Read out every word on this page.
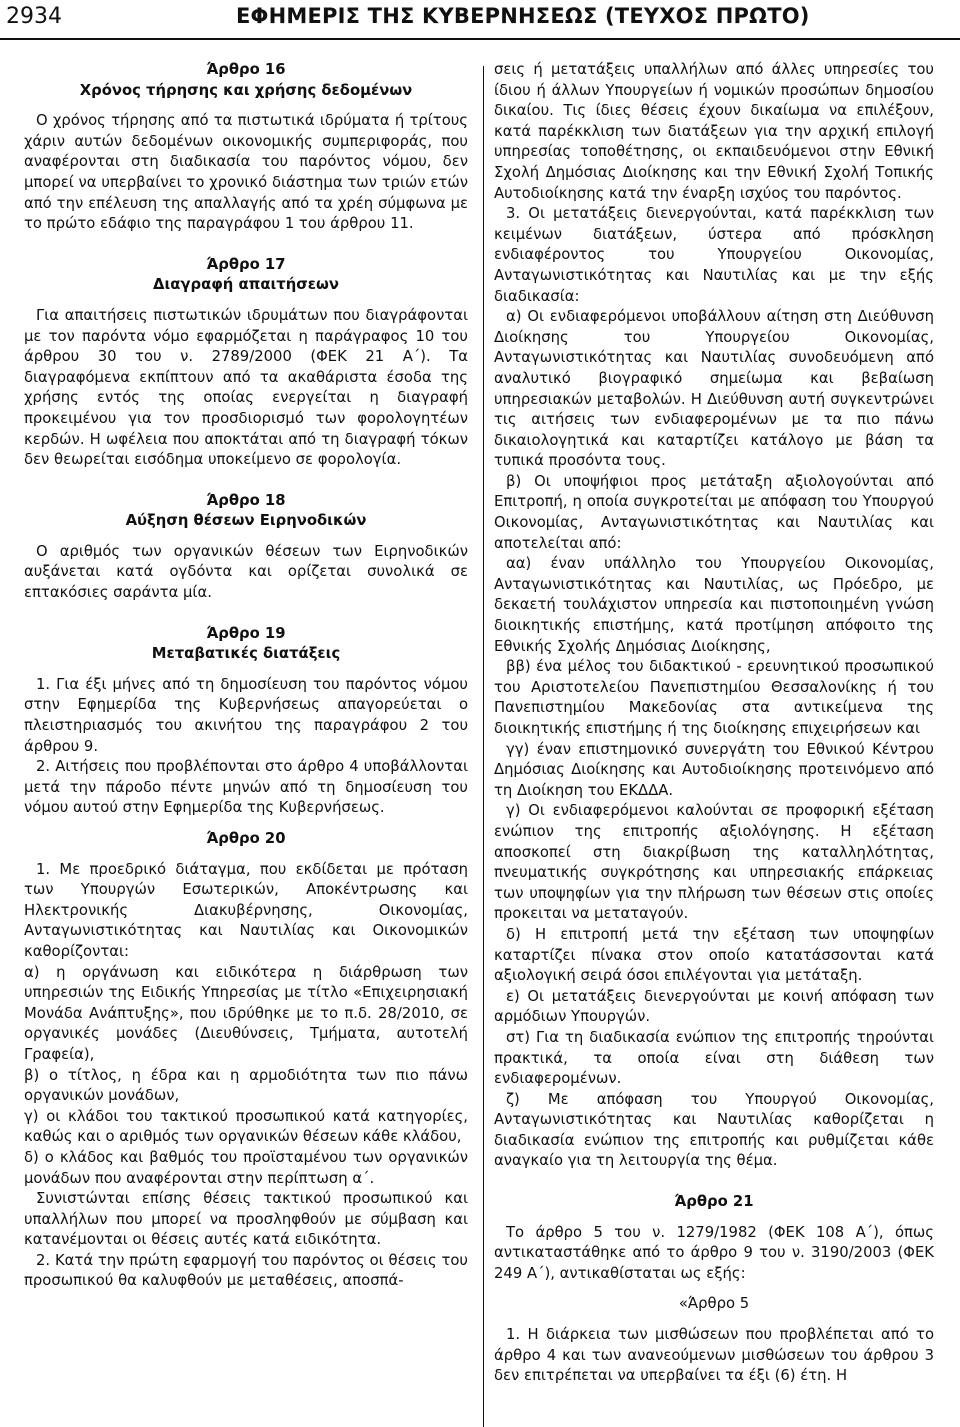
2934	ΕΦΗΜΕΡΙΣ ΤΗΣ ΚΥΒΕΡΝΗΣΕΩΣ (ΤΕΥΧΟΣ ΠΡΩΤΟ)
Άρθρο 16
Χρόνος τήρησης και χρήσης δεδομένων

Ο χρόνος τήρησης από τα πιστωτικά ιδρύματα ή τρίτους χάριν αυτών δεδομένων οικονομικής συμπεριφοράς, που αναφέρονται στη διαδικασία του παρόντος νόμου, δεν μπορεί να υπερβαίνει το χρονικό διάστημα των τριών ετών από την επέλευση της απαλλαγής από τα χρέη σύμφωνα με το πρώτο εδάφιο της παραγράφου 1 του άρθρου 11.

Άρθρο 17
Διαγραφή απαιτήσεων

Για απαιτήσεις πιστωτικών ιδρυμάτων που διαγράφονται με τον παρόντα νόμο εφαρμόζεται η παράγραφος 10 του άρθρου 30 του ν. 2789/2000 (ΦΕΚ 21 Α΄). Τα διαγραφόμενα εκπίπτουν από τα ακαθάριστα έσοδα της χρήσης εντός της οποίας ενεργείται η διαγραφή προκειμένου για τον προσδιορισμό των φορολογητέων κερδών. Η ωφέλεια που αποκτάται από τη διαγραφή τόκων δεν θεωρείται εισόδημα υποκείμενο σε φορολογία.

Άρθρο 18
Αύξηση θέσεων Ειρηνοδικών

Ο αριθμός των οργανικών θέσεων των Ειρηνοδικών αυξάνεται κατά ογδόντα και ορίζεται συνολικά σε επτακόσιες σαράντα μία.

Άρθρο 19
Μεταβατικές διατάξεις

1. Για έξι μήνες από τη δημοσίευση του παρόντος νόμου στην Εφημερίδα της Κυβερνήσεως απαγορεύεται ο πλειστηριασμός του ακινήτου της παραγράφου 2 του άρθρου 9.

2. Αιτήσεις που προβλέπονται στο άρθρο 4 υποβάλλονται μετά την πάροδο πέντε μηνών από τη δημοσίευση του νόμου αυτού στην Εφημερίδα της Κυβερνήσεως.

Άρθρο 20

1. Με προεδρικό διάταγμα, που εκδίδεται με πρόταση των Υπουργών Εσωτερικών, Αποκέντρωσης και Ηλεκτρονικής Διακυβέρνησης, Οικονομίας, Ανταγωνιστικότητας και Ναυτιλίας και Οικονομικών καθορίζονται:

α) η οργάνωση και ειδικότερα η διάρθρωση των υπηρεσιών της Ειδικής Υπηρεσίας με τίτλο «Επιχειρησιακή Μονάδα Ανάπτυξης», που ιδρύθηκε με το π.δ. 28/2010, σε οργανικές μονάδες (Διευθύνσεις, Τμήματα, αυτοτελή Γραφεία),

β) ο τίτλος, η έδρα και η αρμοδιότητα των πιο πάνω οργανικών μονάδων,

γ) οι κλάδοι του τακτικού προσωπικού κατά κατηγορίες, καθώς και ο αριθμός των οργανικών θέσεων κάθε κλάδου,

δ) ο κλάδος και βαθμός του προϊσταμένου των οργανικών μονάδων που αναφέρονται στην περίπτωση α΄.

Συνιστώνται επίσης θέσεις τακτικού προσωπικού και υπαλλήλων που μπορεί να προσληφθούν με σύμβαση και κατανέμονται οι θέσεις αυτές κατά ειδικότητα.

2. Κατά την πρώτη εφαρμογή του παρόντος οι θέσεις του προσωπικού θα καλυφθούν με μεταθέσεις, αποσπά-

σεις ή μετατάξεις υπαλλήλων από άλλες υπηρεσίες του ίδιου ή άλλων Υπουργείων ή νομικών προσώπων δημοσίου δικαίου. Τις ίδιες θέσεις έχουν δικαίωμα να επιλέξουν, κατά παρέκκλιση των διατάξεων για την αρχική επιλογή υπηρεσίας τοποθέτησης, οι εκπαιδευόμενοι στην Εθνική Σχολή Δημόσιας Διοίκησης και την Εθνική Σχολή Τοπικής Αυτοδιοίκησης κατά την έναρξη ισχύος του παρόντος.

3. Οι μετατάξεις διενεργούνται, κατά παρέκκλιση των κειμένων διατάξεων, ύστερα από πρόσκληση ενδιαφέροντος του Υπουργείου Οικονομίας, Ανταγωνιστικότητας και Ναυτιλίας και με την εξής διαδικασία:

α) Οι ενδιαφερόμενοι υποβάλλουν αίτηση στη Διεύθυνση Διοίκησης του Υπουργείου Οικονομίας, Ανταγωνιστικότητας και Ναυτιλίας συνοδευόμενη από αναλυτικό βιογραφικό σημείωμα και βεβαίωση υπηρεσιακών μεταβολών. Η Διεύθυνση αυτή συγκεντρώνει τις αιτήσεις των ενδιαφερομένων με τα πιο πάνω δικαιολογητικά και καταρτίζει κατάλογο με βάση τα τυπικά προσόντα τους.

β) Οι υποψήφιοι προς μετάταξη αξιολογούνται από Επιτροπή, η οποία συγκροτείται με απόφαση του Υπουργού Οικονομίας, Ανταγωνιστικότητας και Ναυτιλίας και αποτελείται από:

αα) έναν υπάλληλο του Υπουργείου Οικονομίας, Ανταγωνιστικότητας και Ναυτιλίας, ως Πρόεδρο, με δεκαετή τουλάχιστον υπηρεσία και πιστοποιημένη γνώση διοικητικής επιστήμης, κατά προτίμηση απόφοιτο της Εθνικής Σχολής Δημόσιας Διοίκησης,

ββ) ένα μέλος του διδακτικού - ερευνητικού προσωπικού του Αριστοτελείου Πανεπιστημίου Θεσσαλονίκης ή του Πανεπιστημίου Μακεδονίας στα αντικείμενα της διοικητικής επιστήμης ή της διοίκησης επιχειρήσεων και

γγ) έναν επιστημονικό συνεργάτη του Εθνικού Κέντρου Δημόσιας Διοίκησης και Αυτοδιοίκησης προτεινόμενο από τη Διοίκηση του ΕΚΔΔΑ.

γ) Οι ενδιαφερόμενοι καλούνται σε προφορική εξέταση ενώπιον της επιτροπής αξιολόγησης. Η εξέταση αποσκοπεί στη διακρίβωση της καταλληλότητας, πνευματικής συγκρότησης και υπηρεσιακής επάρκειας των υποψηφίων για την πλήρωση των θέσεων στις οποίες προκειται να μεταταγούν.

δ) Η επιτροπή μετά την εξέταση των υποψηφίων καταρτίζει πίνακα στον οποίο κατατάσσονται κατά αξιολογική σειρά όσοι επιλέγονται για μετάταξη.

ε) Οι μετατάξεις διενεργούνται με κοινή απόφαση των αρμόδιων Υπουργών.

στ) Για τη διαδικασία ενώπιον της επιτροπής τηρούνται πρακτικά, τα οποία είναι στη διάθεση των ενδιαφερομένων.

ζ) Με απόφαση του Υπουργού Οικονομίας, Ανταγωνιστικότητας και Ναυτιλίας καθορίζεται η διαδικασία ενώπιον της επιτροπής και ρυθμίζεται κάθε αναγκαίο για τη λειτουργία της θέμα.

Άρθρο 21

Το άρθρο 5 του ν. 1279/1982 (ΦΕΚ 108 Α΄), όπως αντικαταστάθηκε από το άρθρο 9 του ν. 3190/2003 (ΦΕΚ 249 Α΄), αντικαθίσταται ως εξής:

«Άρθρο 5

1. Η διάρκεια των μισθώσεων που προβλέπεται από το άρθρο 4 και των ανανεούμενων μισθώσεων του άρθρου 3 δεν επιτρέπεται να υπερβαίνει τα έξι (6) έτη. Η
